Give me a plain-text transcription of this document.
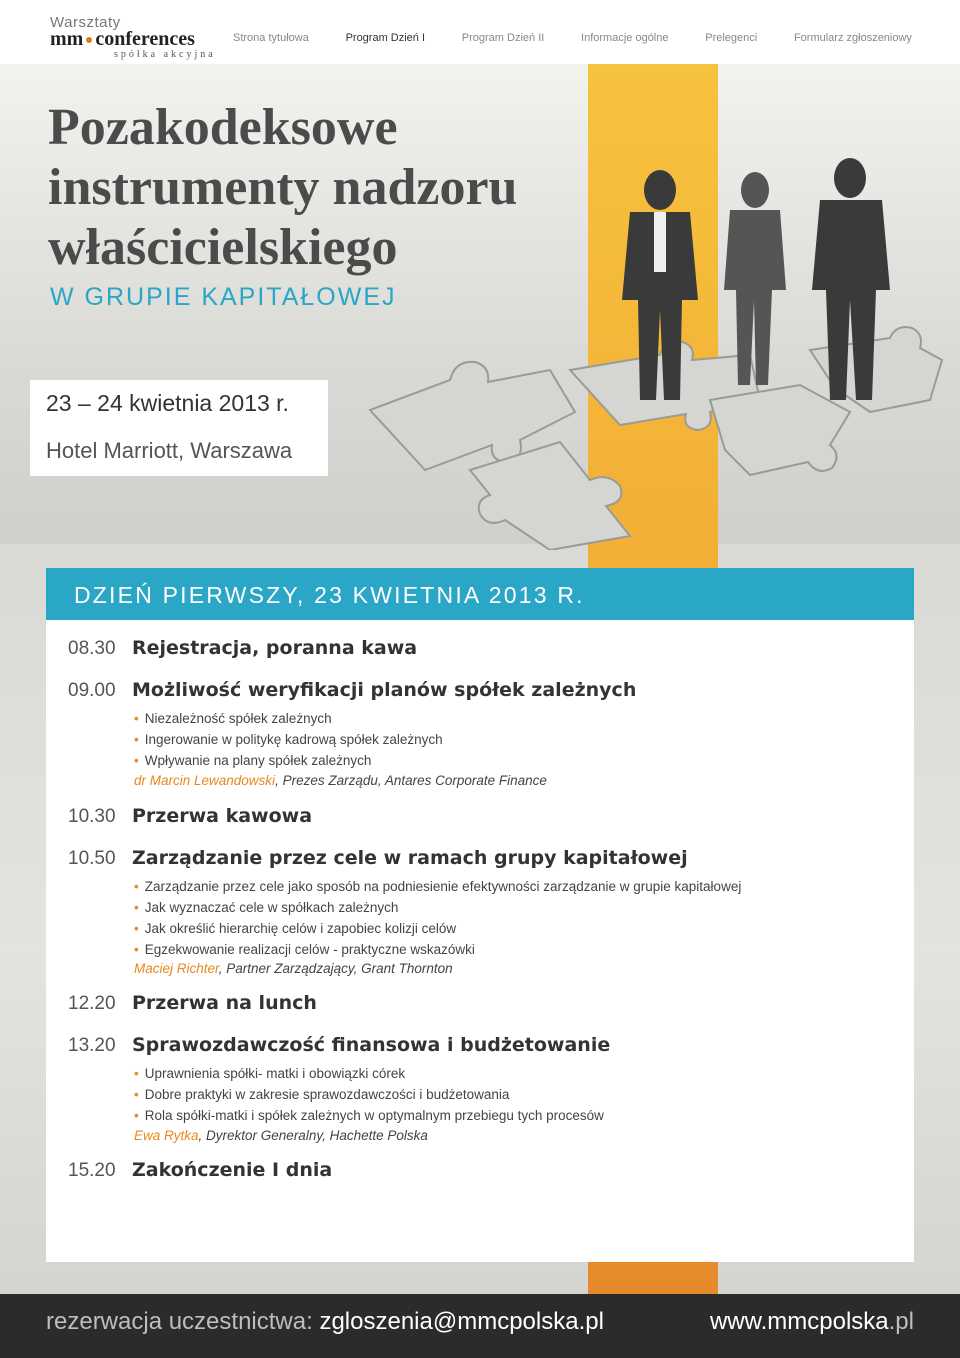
Warsztaty
mm conferences
spółka akcyjna
Strona tytułowa	Program Dzień I	Program Dzień II	Informacje ogólne	Prelegenci	Formularz zgłoszeniowy
Pozakodeksowe
instrumenty nadzoru
właścicielskiego
W GRUPIE KAPITAŁOWEJ
23 – 24 kwietnia 2013 r.
Hotel Marriott, Warszawa
DZIEŃ PIERWSZY, 23 KWIETNIA 2013 R.
08.30 Rejestracja, poranna kawa
09.00 Możliwość weryfikacji planów spółek zależnych
• Niezależność spółek zależnych
• Ingerowanie w politykę kadrową spółek zależnych
• Wpływanie na plany spółek zależnych
dr Marcin Lewandowski, Prezes Zarządu, Antares Corporate Finance
10.30 Przerwa kawowa
10.50 Zarządzanie przez cele w ramach grupy kapitałowej
• Zarządzanie przez cele jako sposób na podniesienie efektywności zarządzanie w grupie kapitałowej
• Jak wyznaczać cele w spółkach zależnych
• Jak określić hierarchię celów i zapobiec kolizji celów
• Egzekwowanie realizacji celów - praktyczne wskazówki
Maciej Richter, Partner Zarządzający, Grant Thornton
12.20 Przerwa na lunch
13.20 Sprawozdawczość finansowa i budżetowanie
• Uprawnienia spółki- matki i obowiązki córek
• Dobre praktyki w zakresie sprawozdawczości i budżetowania
• Rola spółki-matki i spółek zależnych w optymalnym przebiegu tych procesów
Ewa Rytka, Dyrektor Generalny, Hachette Polska
15.20 Zakończenie I dnia
rezerwacja uczestnictwa: zgloszenia@mmcpolska.pl	www.mmcpolska.pl
